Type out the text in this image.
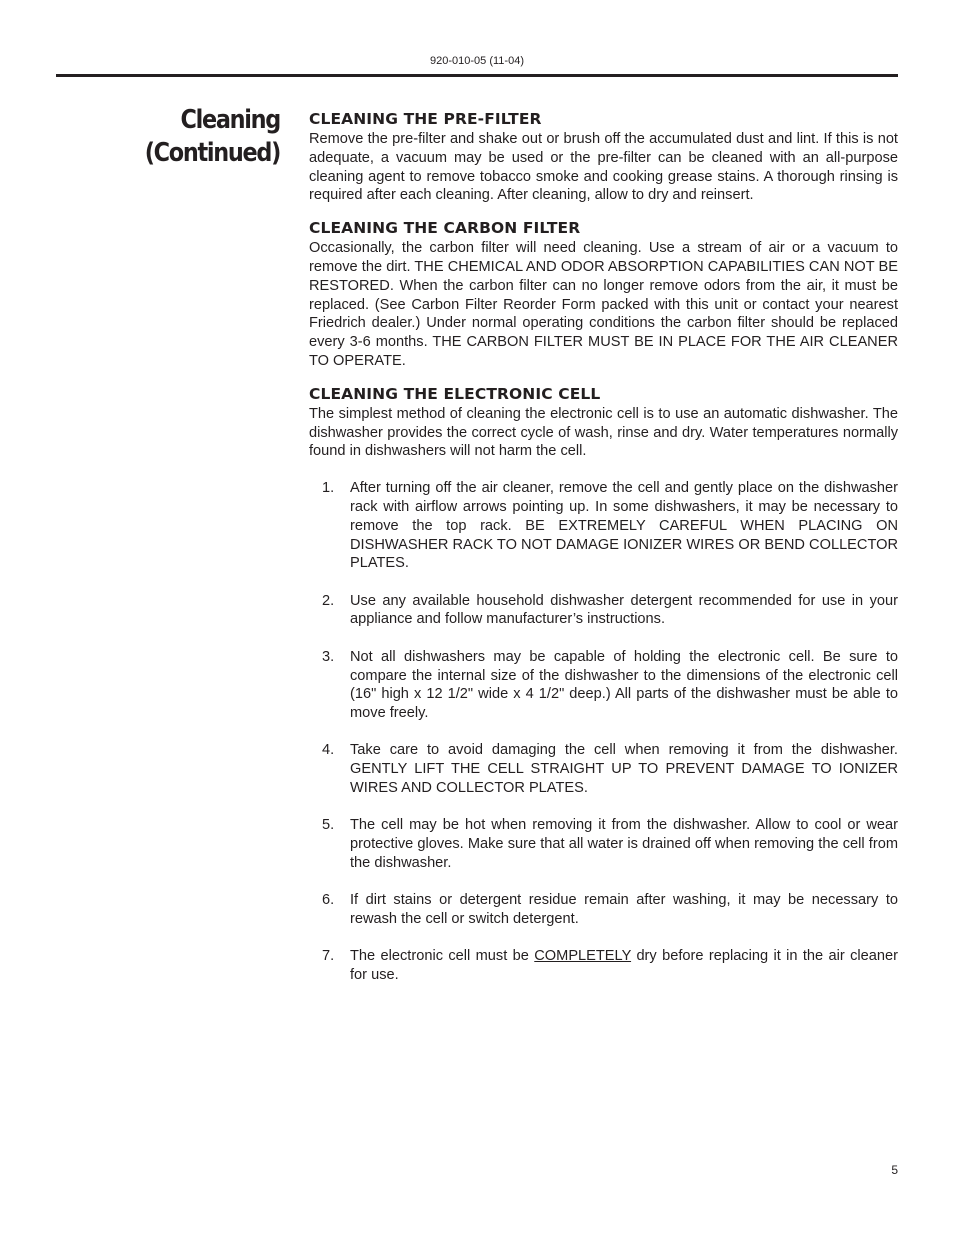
920-010-05 (11-04)
Cleaning
(Continued)
CLEANING THE PRE-FILTER

Remove the pre-filter and shake out or brush off the accumulated dust and lint. If this is not adequate, a vacuum may be used or the pre-filter can be cleaned with an all-purpose cleaning agent to remove tobacco smoke and cooking grease stains. A thorough rinsing is required after each cleaning. After cleaning, allow to dry and reinsert.

CLEANING THE CARBON FILTER

Occasionally, the carbon filter will need cleaning. Use a stream of air or a vacuum to remove the dirt. THE CHEMICAL AND ODOR ABSORPTION CAPABILITIES CAN NOT BE RESTORED. When the carbon filter can no longer remove odors from the air, it must be replaced. (See Carbon Filter Reorder Form packed with this unit or contact your nearest Friedrich dealer.) Under normal operating conditions the carbon filter should be replaced every 3-6 months. THE CARBON FILTER MUST BE IN PLACE FOR THE AIR CLEANER TO OPERATE.

CLEANING THE ELECTRONIC CELL

The simplest method of cleaning the electronic cell is to use an automatic dishwasher. The dishwasher provides the correct cycle of wash, rinse and dry. Water temperatures normally found in dishwashers will not harm the cell.

1.	After turning off the air cleaner, remove the cell and gently place on the dishwasher rack with airflow arrows pointing up. In some dishwashers, it may be necessary to remove the top rack. BE EXTREMELY CAREFUL WHEN PLACING ON DISHWASHER RACK TO NOT DAMAGE IONIZER WIRES OR BEND COLLECTOR PLATES.
2.	Use any available household dishwasher detergent recommended for use in your appliance and follow manufacturer’s instructions.
3.	Not all dishwashers may be capable of holding the electronic cell. Be sure to compare the internal size of the dishwasher to the dimensions of the electronic cell (16" high x 12 1/2" wide x 4 1/2" deep.) All parts of the dishwasher must be able to move freely.
4.	Take care to avoid damaging the cell when removing it from the dishwasher. GENTLY LIFT THE CELL STRAIGHT UP TO PREVENT DAMAGE TO IONIZER WIRES AND COLLECTOR PLATES.
5.	The cell may be hot when removing it from the dishwasher. Allow to cool or wear protective gloves. Make sure that all water is drained off when removing the cell from the dishwasher.
6.	If dirt stains or detergent residue remain after washing, it may be necessary to rewash the cell or switch detergent.
7.	The electronic cell must be COMPLETELY dry before replacing it in the air cleaner for use.
5
